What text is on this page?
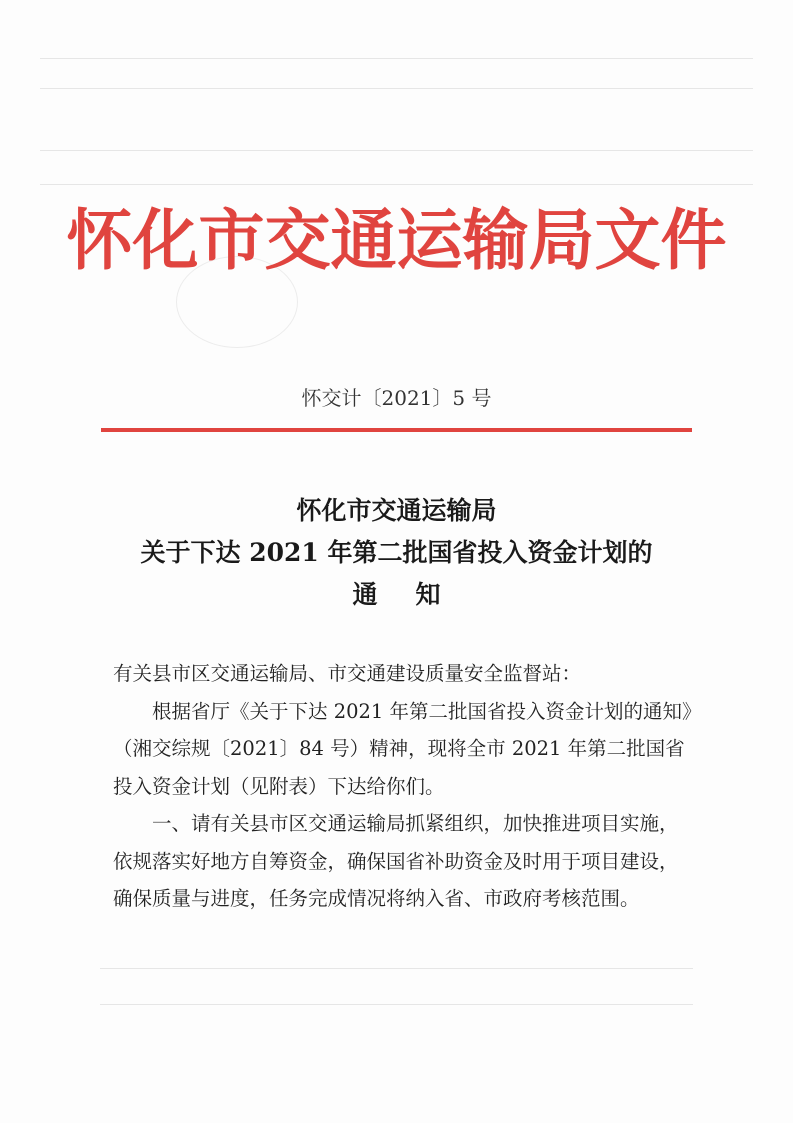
怀化市交通运输局文件
怀交计〔2021〕5 号
怀化市交通运输局
关于下达 2021 年第二批国省投入资金计划的
通知

有关县市区交通运输局、市交通建设质量安全监督站：

根据省厅《关于下达 2021 年第二批国省投入资金计划的通知》（湘交综规〔2021〕84 号）精神，现将全市 2021 年第二批国省投入资金计划（见附表）下达给你们。

一、请有关县市区交通运输局抓紧组织，加快推进项目实施，依规落实好地方自筹资金，确保国省补助资金及时用于项目建设，确保质量与进度，任务完成情况将纳入省、市政府考核范围。
